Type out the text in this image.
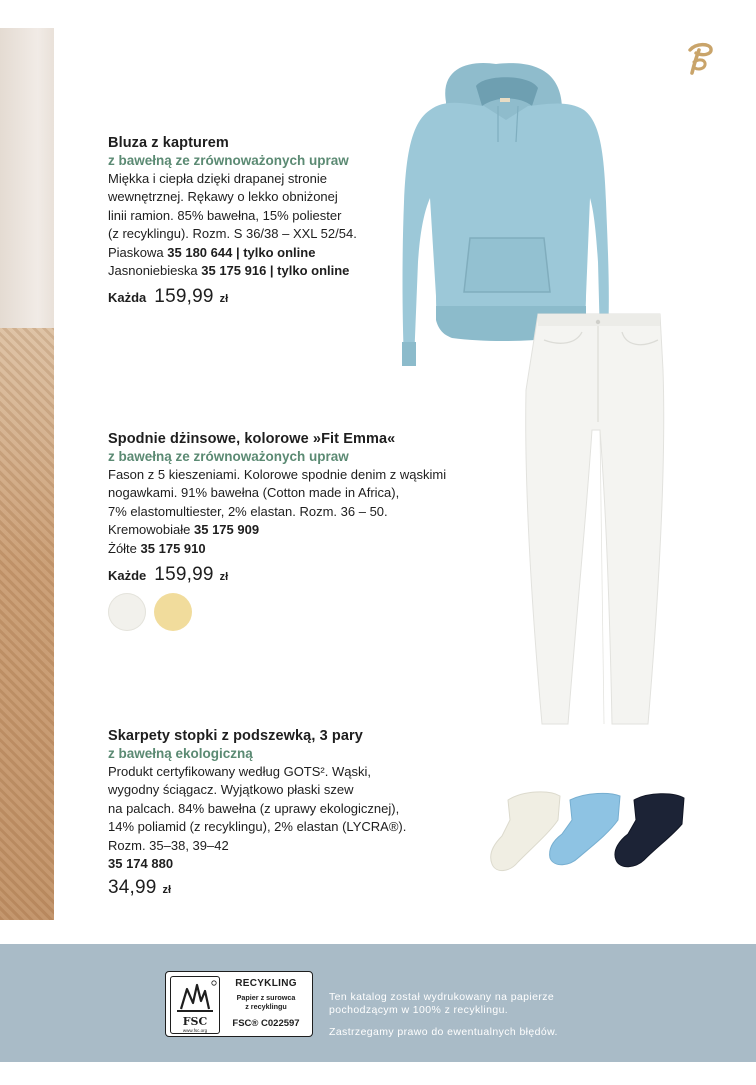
Bluza z kapturem

z bawełną ze zrównoważonych upraw

Miękka i ciepła dzięki drapanej stronie

wewnętrznej. Rękawy o lekko obniżonej

linii ramion. 85% bawełna, 15% poliester

(z recyklingu). Rozm. S 36/38 – XXL 52/54.

Piaskowa 35 180 644 | tylko online

Jasnoniebieska 35 175 916 | tylko online

Każda 159,99 zł

Spodnie dżinsowe, kolorowe »Fit Emma«

z bawełną ze zrównoważonych upraw

Fason z 5 kieszeniami. Kolorowe spodnie denim z wąskimi

nogawkami. 91% bawełna (Cotton made in Africa),

7% elastomultiester, 2% elastan. Rozm. 36 – 50.

Kremowobiałe 35 175 909

Żółte 35 175 910

Każde 159,99 zł

Skarpety stopki z podszewką, 3 pary

z bawełną ekologiczną

Produkt certyfikowany według GOTS². Wąski,

wygodny ściągacz. Wyjątkowo płaski szew

na palcach. 84% bawełna (z uprawy ekologicznej),

14% poliamid (z recyklingu), 2% elastan (LYCRA®).

Rozm. 35–38, 39–42

35 174 880

34,99 zł
FSC
www.fsc.org
RECYKLING
Papier z surowca
z recyklingu
FSC® C022597
Ten katalog został wydrukowany na papierze
pochodzącym w 100% z recyklingu.
Zastrzegamy prawo do ewentualnych błędów.
